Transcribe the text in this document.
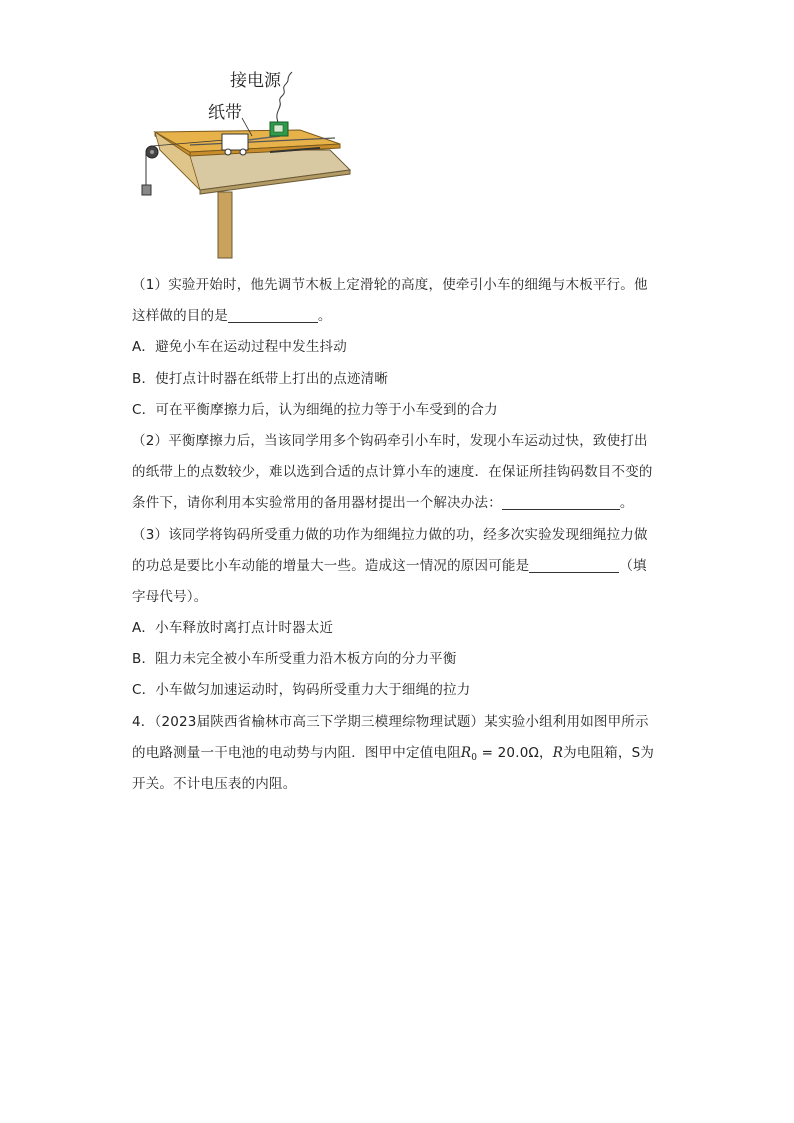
接电源
纸带
（1）实验开始时，他先调节木板上定滑轮的高度，使牵引小车的细绳与木板平行。他
这样做的目的是	。
A．避免小车在运动过程中发生抖动
B．使打点计时器在纸带上打出的点迹清晰
C．可在平衡摩擦力后，认为细绳的拉力等于小车受到的合力
（2）平衡摩擦力后，当该同学用多个钩码牵引小车时，发现小车运动过快，致使打出
的纸带上的点数较少，难以选到合适的点计算小车的速度．在保证所挂钩码数目不变的
条件下，请你利用本实验常用的备用器材提出一个解决办法：	。
（3）该同学将钩码所受重力做的功作为细绳拉力做的功，经多次实验发现细绳拉力做
的功总是要比小车动能的增量大一些。造成这一情况的原因可能是	（填
字母代号）。
A．小车释放时离打点计时器太近
B．阻力未完全被小车所受重力沿木板方向的分力平衡
C．小车做匀加速运动时，钩码所受重力大于细绳的拉力
4．（2023届陕西省榆林市高三下学期三模理综物理试题）某实验小组利用如图甲所示
的电路测量一干电池的电动势与内阻．图甲中定值电阻$R_0 = 20.0\Omega$，R为电阻箱，S为
开关。不计电压表的内阻。
